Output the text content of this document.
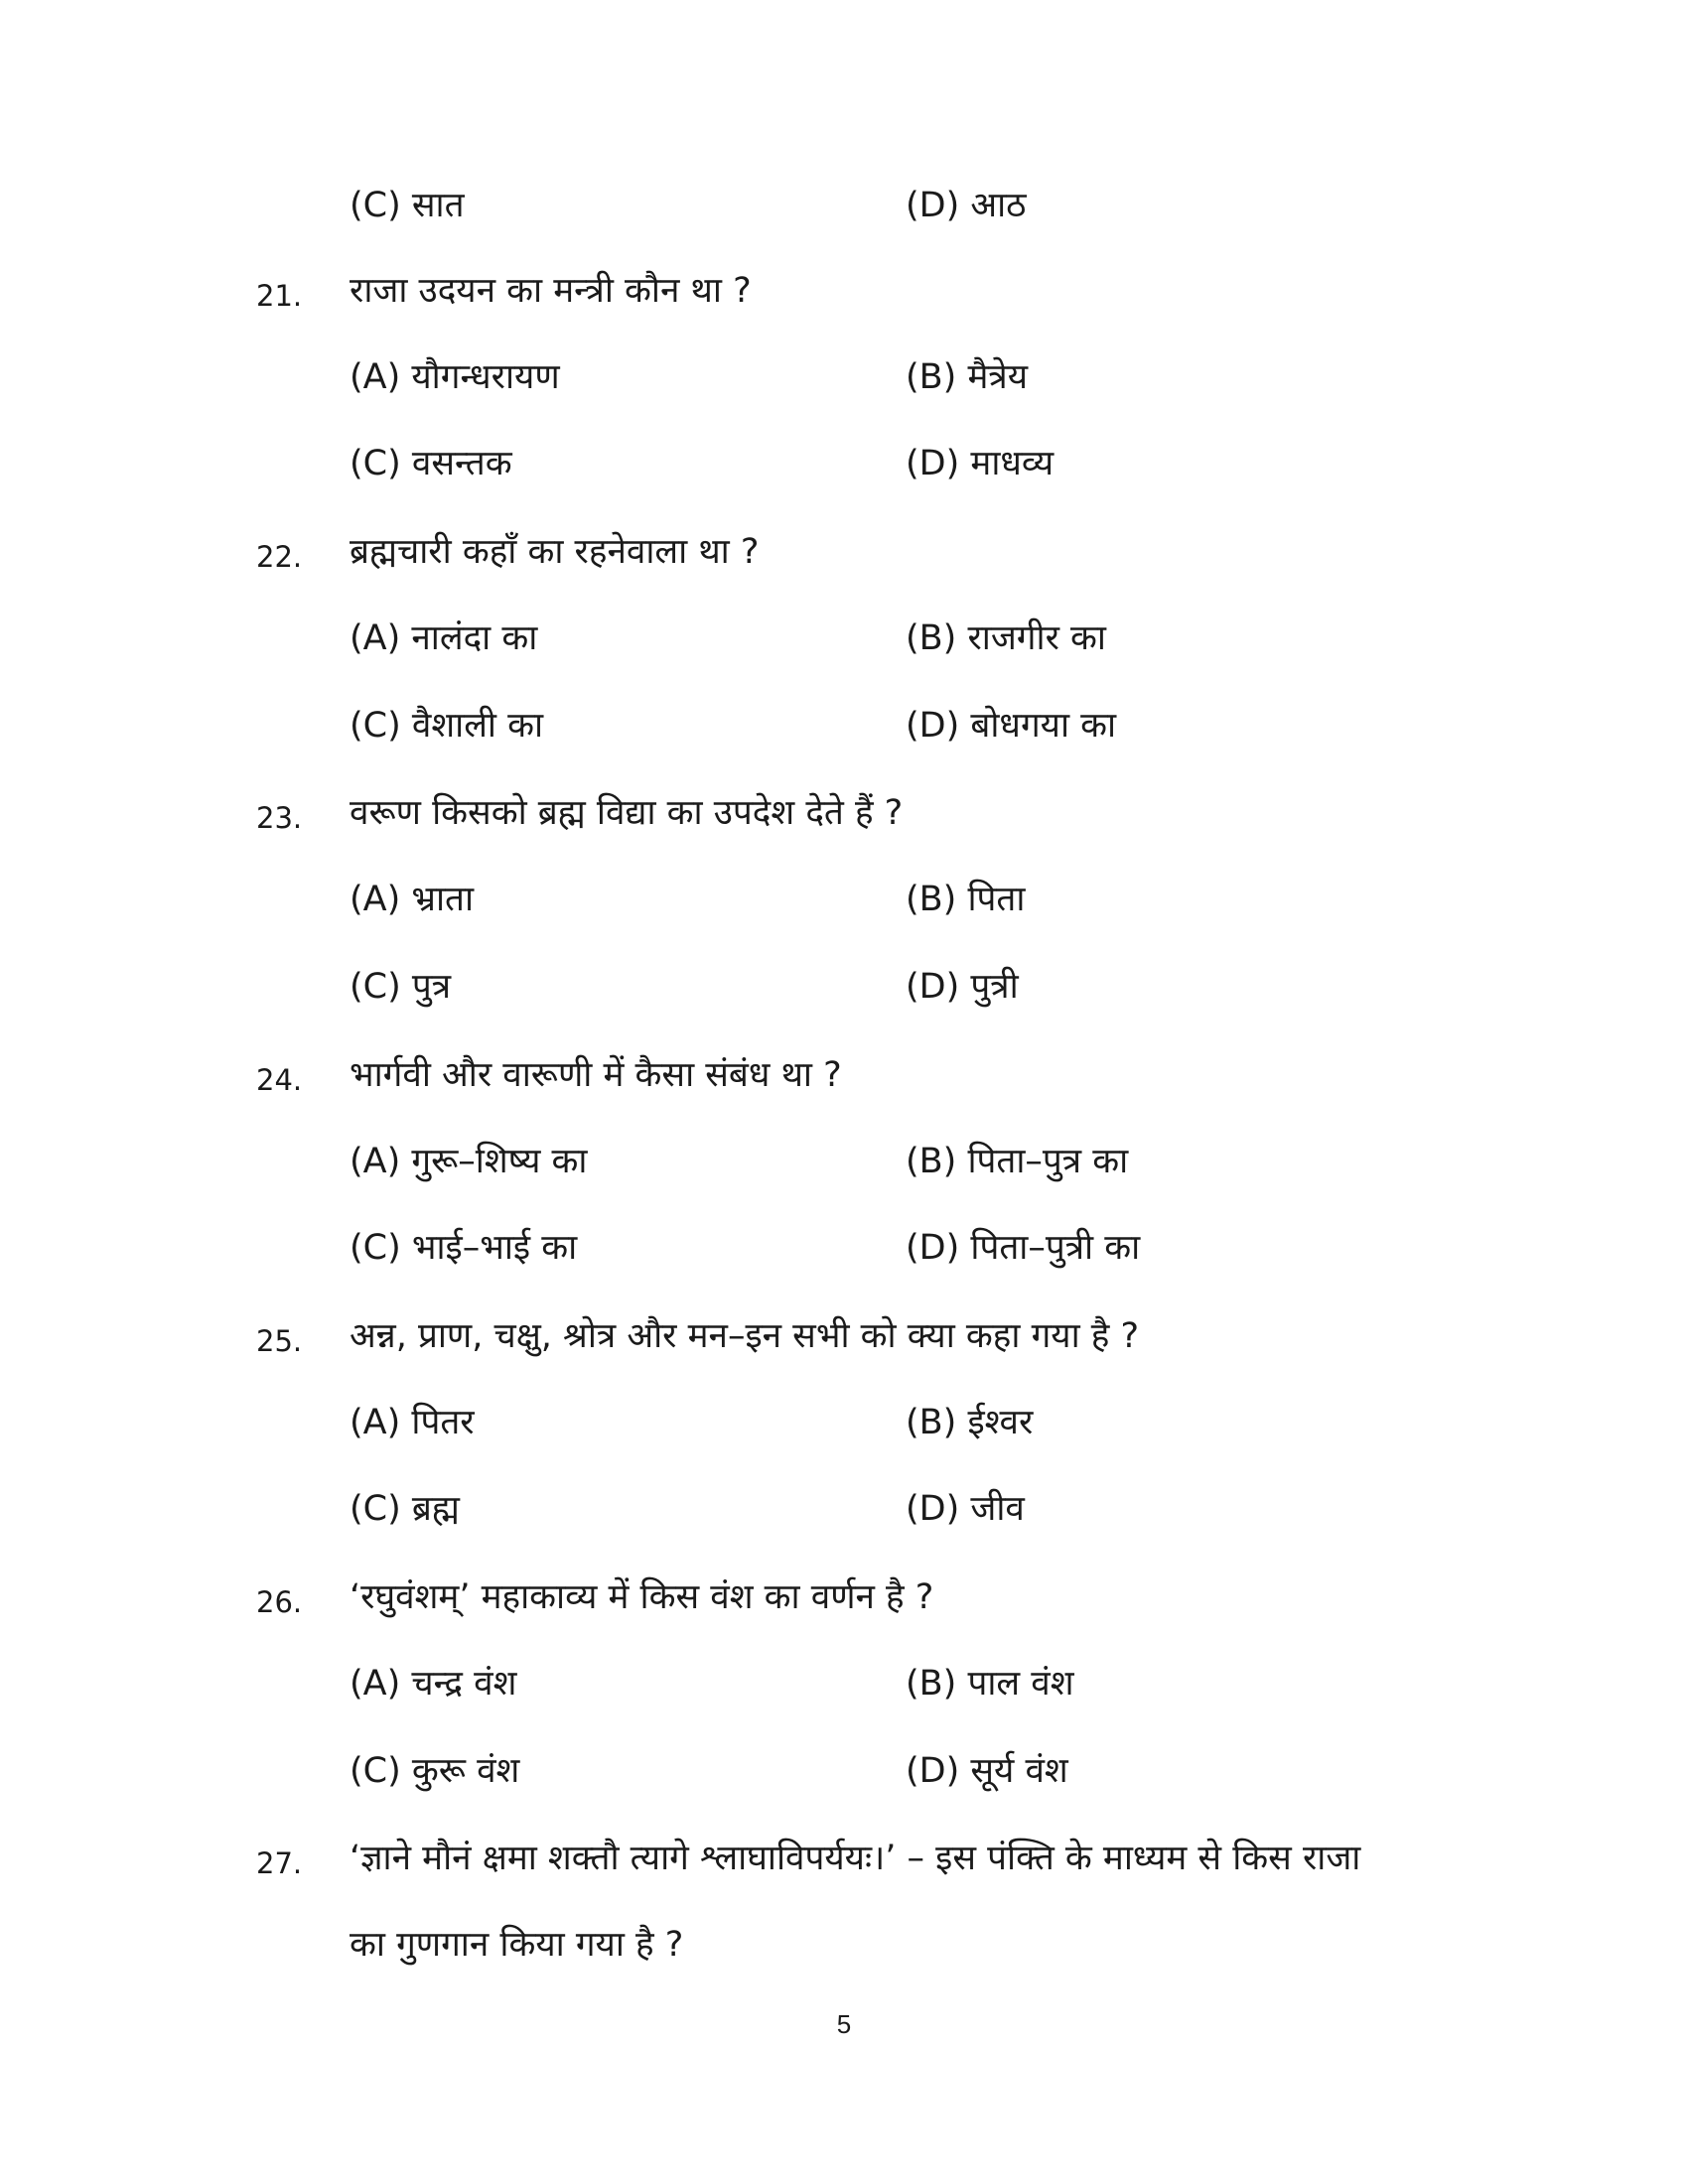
(C) सात	(D) आठ
21. राजा उदयन का मन्त्री कौन था ?
(A) यौगन्धरायण	(B) मैत्रेय
(C) वसन्तक	(D) माधव्य
22. ब्रह्मचारी कहाँ का रहनेवाला था ?
(A) नालंदा का	(B) राजगीर का
(C) वैशाली का	(D) बोधगया का
23. वरूण किसको ब्रह्म विद्या का उपदेश देते हैं ?
(A) भ्राता	(B) पिता
(C) पुत्र	(D) पुत्री
24. भार्गवी और वारूणी में कैसा संबंध था ?
(A) गुरू–शिष्य का	(B) पिता–पुत्र का
(C) भाई–भाई का	(D) पिता–पुत्री का
25. अन्न, प्राण, चक्षु, श्रोत्र और मन–इन सभी को क्या कहा गया है ?
(A) पितर	(B) ईश्वर
(C) ब्रह्म	(D) जीव
26. ‘रघुवंशम्’ महाकाव्य में किस वंश का वर्णन है ?
(A) चन्द्र वंश	(B) पाल वंश
(C) कुरू वंश	(D) सूर्य वंश
27. ‘ज्ञाने मौनं क्षमा शक्तौ त्यागे श्लाघाविपर्ययः।’ – इस पंक्ति के माध्यम से किस राजा
का गुणगान किया गया है ?
5
